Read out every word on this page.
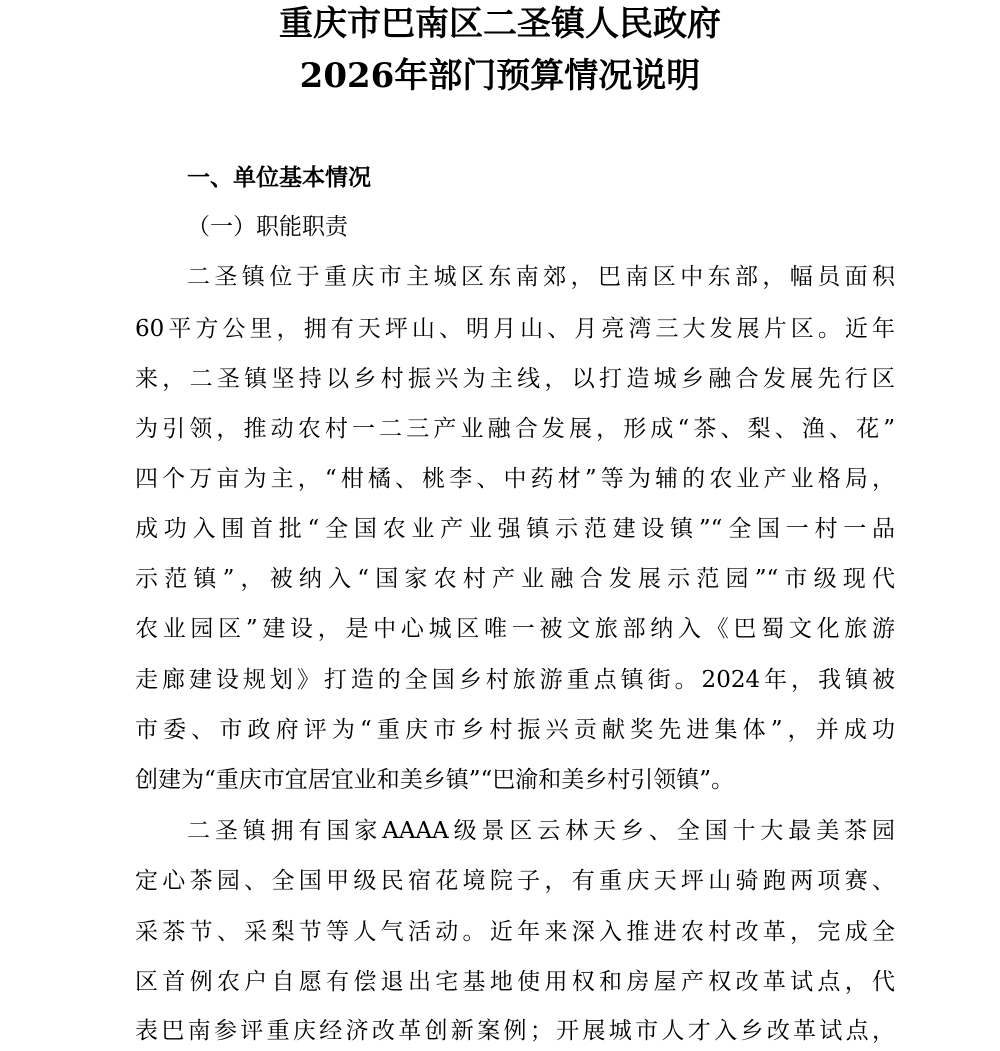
重庆市巴南区二圣镇人民政府
2026年部门预算情况说明
一、单位基本情况
（一）职能职责
二圣镇位于重庆市主城区东南郊，巴南区中东部，幅员面积
60平方公里，拥有天坪山、明月山、月亮湾三大发展片区。近年
来，二圣镇坚持以乡村振兴为主线，以打造城乡融合发展先行区
为引领，推动农村一二三产业融合发展，形成“茶、梨、渔、花”
四个万亩为主，“柑橘、桃李、中药材”等为辅的农业产业格局，
成功入围首批“全国农业产业强镇示范建设镇”“全国一村一品
示范镇”，被纳入“国家农村产业融合发展示范园”“市级现代
农业园区”建设，是中心城区唯一被文旅部纳入《巴蜀文化旅游
走廊建设规划》打造的全国乡村旅游重点镇街。2024年，我镇被
市委、市政府评为“重庆市乡村振兴贡献奖先进集体”，并成功
创建为“重庆市宜居宜业和美乡镇”“巴渝和美乡村引领镇”。
二圣镇拥有国家AAAA级景区云林天乡、全国十大最美茶园
定心茶园、全国甲级民宿花境院子，有重庆天坪山骑跑两项赛、
采茶节、采梨节等人气活动。近年来深入推进农村改革，完成全
区首例农户自愿有偿退出宅基地使用权和房屋产权改革试点，代
表巴南参评重庆经济改革创新案例；开展城市人才入乡改革试点，
